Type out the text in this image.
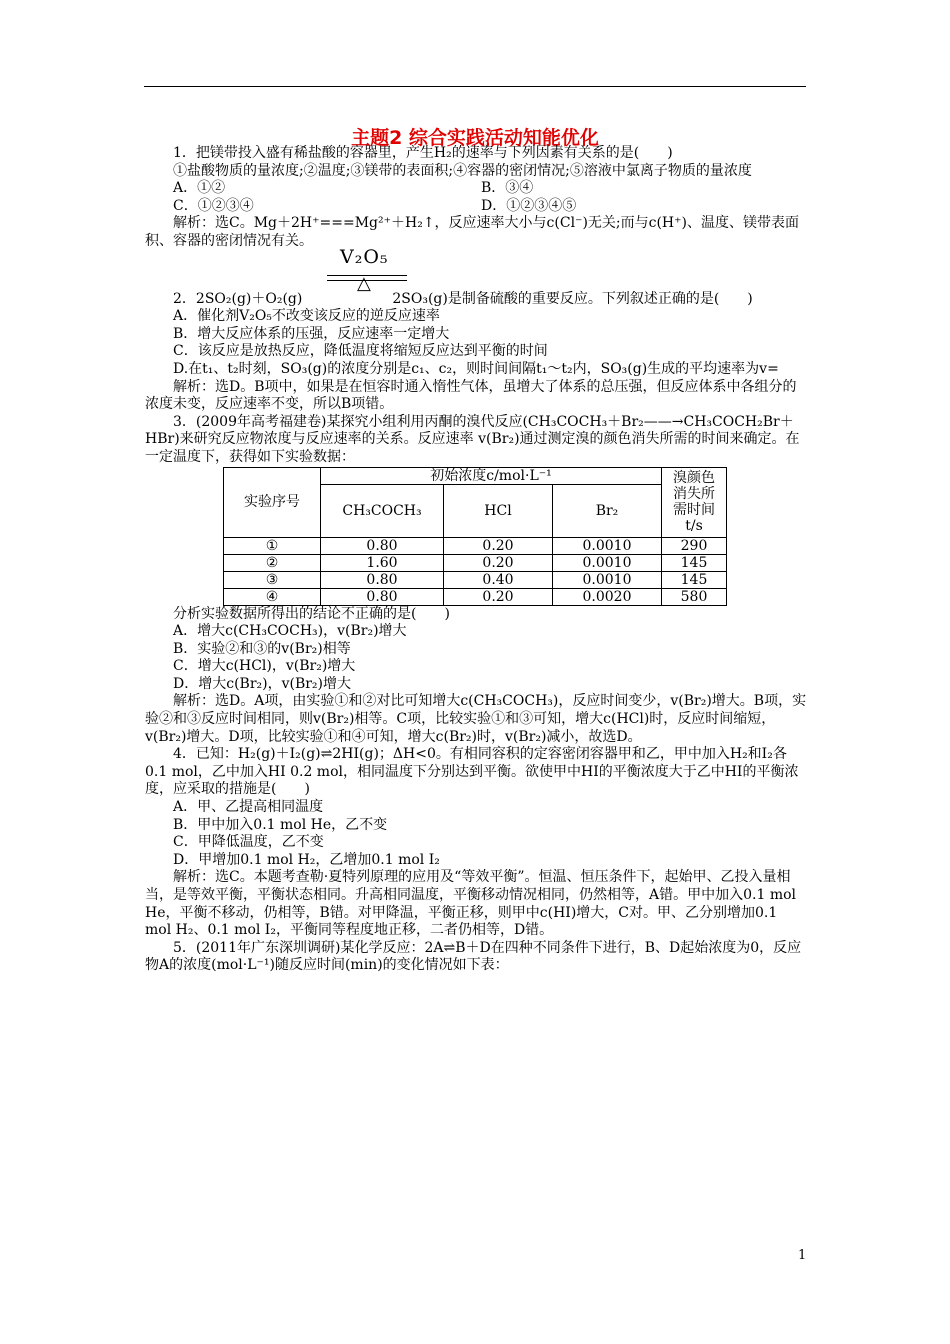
主题2 综合实践活动知能优化

1．把镁带投入盛有稀盐酸的容器里，产生H₂的速率与下列因素有关系的是(　　)

①盐酸物质的量浓度;②温度;③镁带的表面积;④容器的密闭情况;⑤溶液中氯离子物质的量浓度

A．①②	B．③④
C．①②③④	D．①②③④⑤

解析：选C。Mg＋2H⁺===Mg²⁺＋H₂↑，反应速率大小与c(Cl⁻)无关;而与c(H⁺)、温度、镁带表面积、容器的密闭情况有关。

V₂O₅
△

2．2SO₂(g)＋O₂(g)	2SO₃(g)是制备硫酸的重要反应。下列叙述正确的是(　　)

A．催化剂V₂O₅不改变该反应的逆反应速率

B．增大反应体系的压强，反应速率一定增大

C．该反应是放热反应，降低温度将缩短反应达到平衡的时间

D.在t₁、t₂时刻，SO₃(g)的浓度分别是c₁、c₂，则时间间隔t₁～t₂内，SO₃(g)生成的平均速率为v=

解析：选D。B项中，如果是在恒容时通入惰性气体，虽增大了体系的总压强，但反应体系中各组分的浓度未变，反应速率不变，所以B项错。

3．(2009年高考福建卷)某探究小组利用丙酮的溴代反应(CH₃COCH₃＋Br₂——→CH₃COCH₂Br＋HBr)来研究反应物浓度与反应速率的关系。反应速率 v(Br₂)通过测定溴的颜色消失所需的时间来确定。在一定温度下，获得如下实验数据：

实验序号	初始浓度c/mol·L⁻¹			溴颜色消失所需时间t/s
	CH₃COCH₃	HCl	Br₂	
①	0.80	0.20	0.0010	290
②	1.60	0.20	0.0010	145
③	0.80	0.40	0.0010	145
④	0.80	0.20	0.0020	580

分析实验数据所得出的结论不正确的是(　　)

A．增大c(CH₃COCH₃)，v(Br₂)增大

B．实验②和③的v(Br₂)相等

C．增大c(HCl)，v(Br₂)增大

D．增大c(Br₂)，v(Br₂)增大

解析：选D。A项，由实验①和②对比可知增大c(CH₃COCH₃)，反应时间变少，v(Br₂)增大。B项，实验②和③反应时间相同，则v(Br₂)相等。C项，比较实验①和③可知，增大c(HCl)时，反应时间缩短，v(Br₂)增大。D项，比较实验①和④可知，增大c(Br₂)时，v(Br₂)减小，故选D。

4．已知：H₂(g)＋I₂(g)⇌2HI(g)；ΔH<0。有相同容积的定容密闭容器甲和乙，甲中加入H₂和I₂各0.1 mol，乙中加入HI 0.2 mol，相同温度下分别达到平衡。欲使甲中HI的平衡浓度大于乙中HI的平衡浓度，应采取的措施是(　　)

A．甲、乙提高相同温度

B．甲中加入0.1 mol He，乙不变

C．甲降低温度，乙不变

D．甲增加0.1 mol H₂，乙增加0.1 mol I₂

解析：选C。本题考查勒·夏特列原理的应用及“等效平衡”。恒温、恒压条件下，起始甲、乙投入量相当，是等效平衡，平衡状态相同。升高相同温度，平衡移动情况相同，仍然相等，A错。甲中加入0.1 mol He，平衡不移动，仍相等，B错。对甲降温，平衡正移，则甲中c(HI)增大，C对。甲、乙分别增加0.1 mol H₂、0.1 mol I₂，平衡同等程度地正移，二者仍相等，D错。

5．(2011年广东深圳调研)某化学反应：2A⇌B＋D在四种不同条件下进行，B、D起始浓度为0，反应物A的浓度(mol·L⁻¹)随反应时间(min)的变化情况如下表：

1
